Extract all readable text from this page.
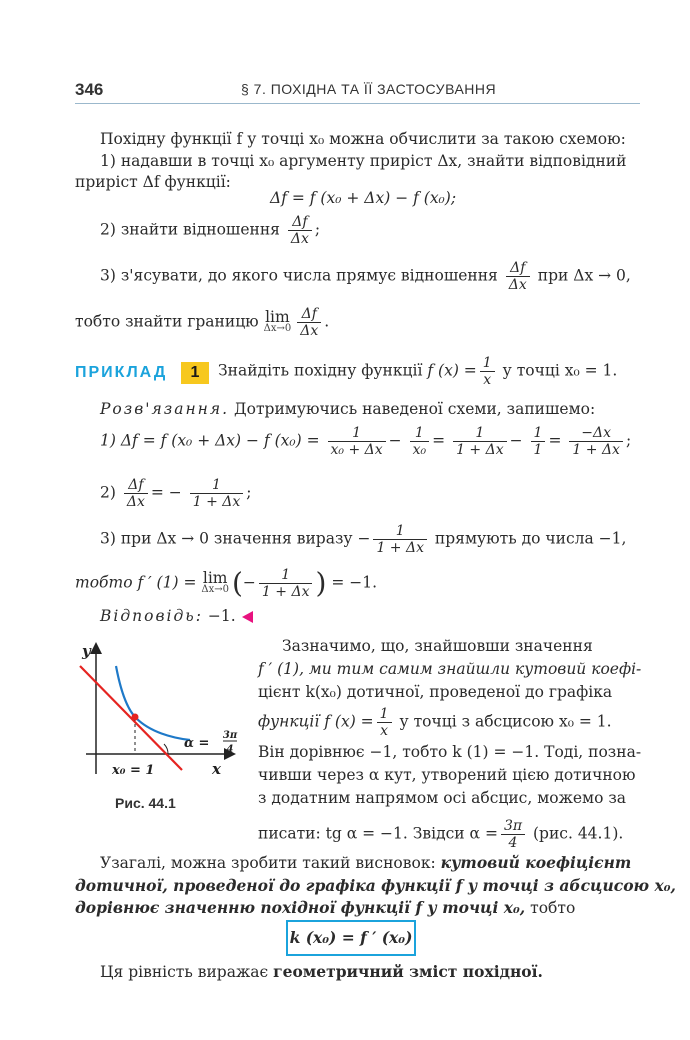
346	§ 7. ПОХІДНА ТА ЇЇ ЗАСТОСУВАННЯ
Похідну функції f у точці x₀ можна обчислити за такою схемою:
1) надавши в точці x₀ аргументу приріст Δx, знайти відповідний
приріст Δf функції:
Δf = f (x₀ + Δx) − f (x₀);
2) знайти відношення $\frac{\Delta f}{\Delta x}$ ;
3) з'ясувати, до якого числа прямує відношення $\frac{\Delta f}{\Delta x}$ при Δx → 0,
тобто знайти границю lim
$\Delta x\to 0 \frac{\Delta f}{\Delta x}$ .
ПРИКЛАД	1	Знайдіть похідну функції f $(x) = \frac{1}{x}$ у точці x₀ = 1.
Розв'язання. Дотримуючись наведеної схеми, запишемо:
1) Δf = f (x₀ + Δx) − f $(x_0) = \frac{1}{\text{x₀ + Δx}} - \frac{1}{\text{x₀}} = \frac{1}{1 + \Delta x} - \frac{1}{1} = \frac{-\Delta x}{1 + \Delta x}$ ;
$2) \frac{\Delta f}{\Delta x}$ = − $\frac{1}{1 + \Delta x}$ ;
3) при Δx → 0 значення виразу − $\frac{1}{1 + \Delta x}$ прямують до числа −1,
тобто f ′ (1) = lim
Δx→0 (− $\frac{1}{1 + \Delta x}$ ) = −1.
Відповідь: −1.
y
x
x₀ = 1
α =
3π
4
Рис. 44.1
Зазначимо, що, знайшовши значення
f ′ (1), ми тим самим знайшли кутовий коефі-
цієнт k(x₀) дотичної, проведеної до графіка
функції f $(x) = \frac{1}{x}$ у точці з абсцисою x₀ = 1.
Він дорівнює −1, тобто k (1) = −1. Тоді, позна-
чивши через α кут, утворений цією дотичною
з додатним напрямом осі абсцис, можемо за
писати: tg α = −1. Звідси $\alpha = \frac{3\pi}{4} (рис$. 44.1).
Узагалі, можна зробити такий висновок: кутовий коефіцієнт
дотичної, проведеної до графіка функції f у точці з абсцисою x₀,
дорівнює значенню похідної функції f у точці x₀, тобто
k (x₀) = f ′ (x₀)
Ця рівність виражає геометричний зміст похідної.
